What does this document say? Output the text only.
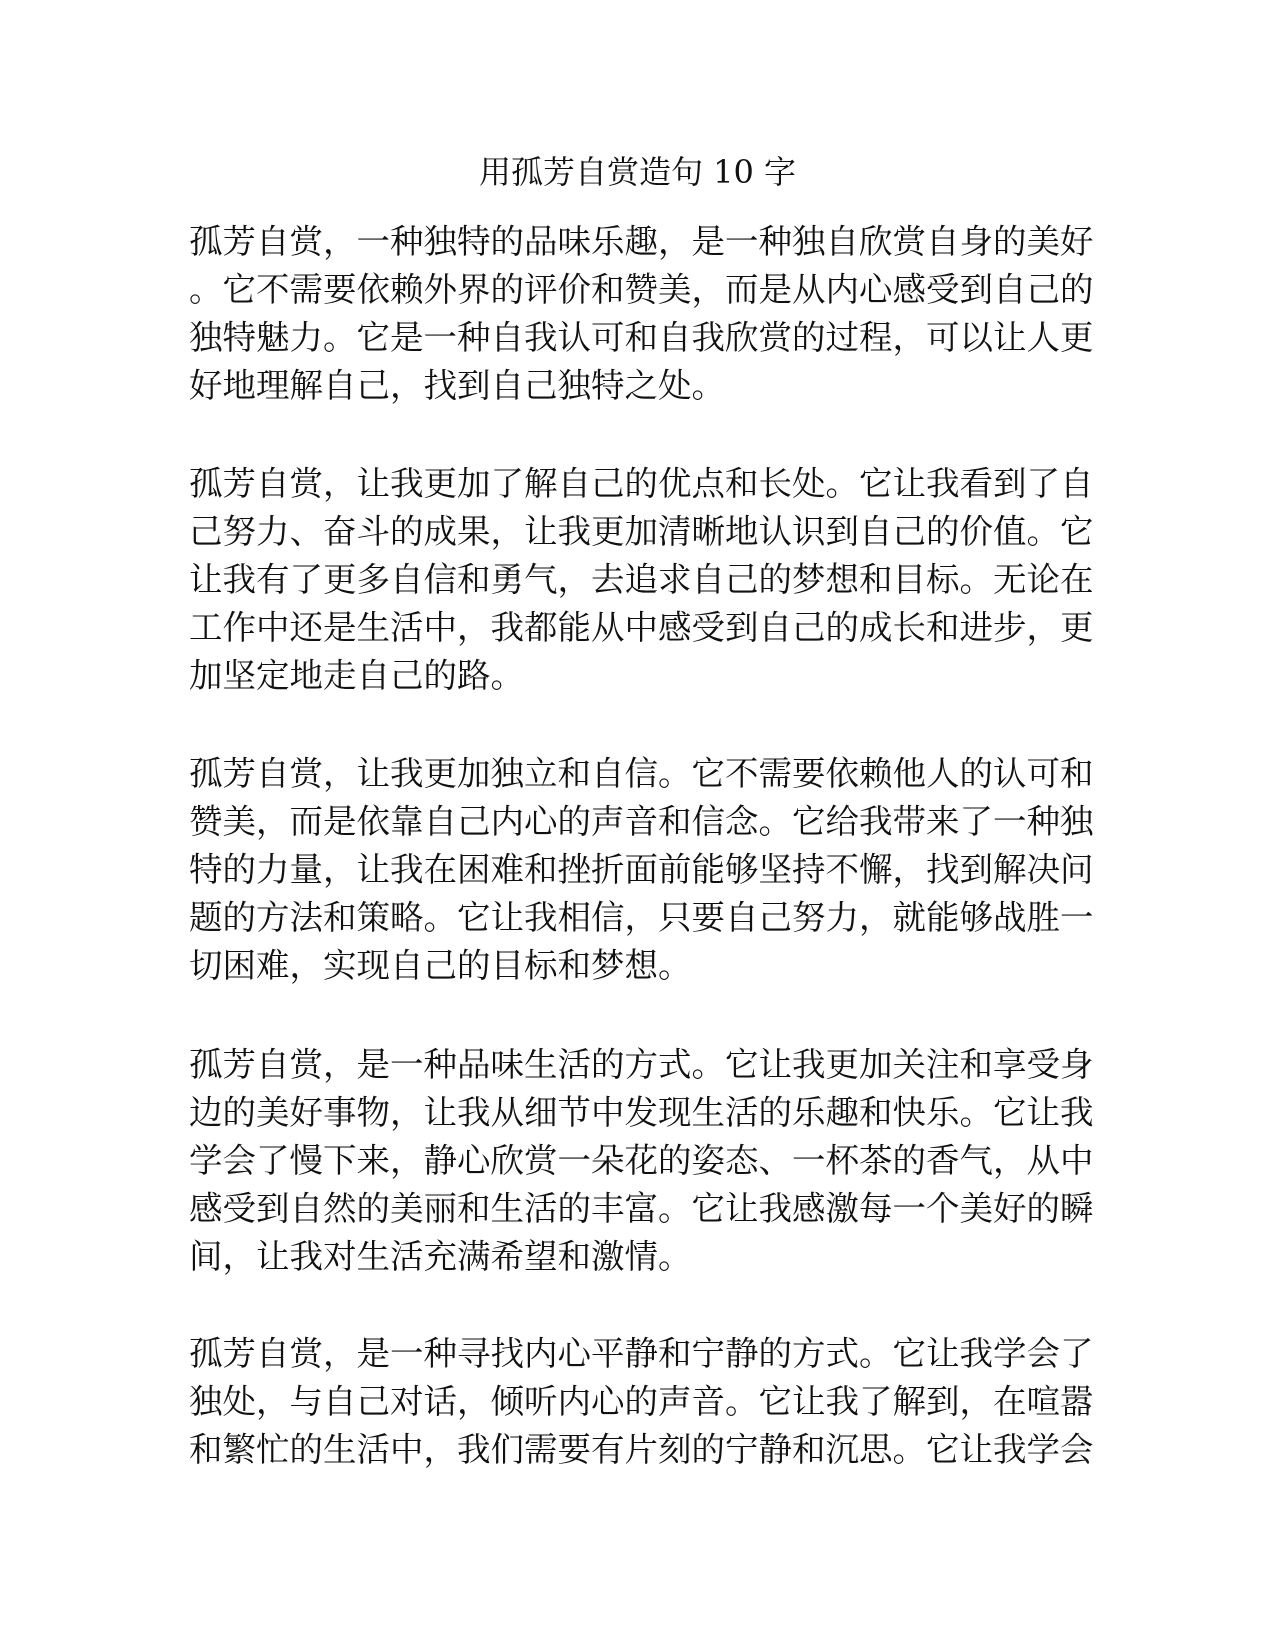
用孤芳自赏造句 10 字
孤芳自赏，一种独特的品味乐趣，是一种独自欣赏自身的美好
。它不需要依赖外界的评价和赞美，而是从内心感受到自己的
独特魅力。它是一种自我认可和自我欣赏的过程，可以让人更
好地理解自己，找到自己独特之处。
孤芳自赏，让我更加了解自己的优点和长处。它让我看到了自
己努力、奋斗的成果，让我更加清晰地认识到自己的价值。它
让我有了更多自信和勇气，去追求自己的梦想和目标。无论在
工作中还是生活中，我都能从中感受到自己的成长和进步，更
加坚定地走自己的路。
孤芳自赏，让我更加独立和自信。它不需要依赖他人的认可和
赞美，而是依靠自己内心的声音和信念。它给我带来了一种独
特的力量，让我在困难和挫折面前能够坚持不懈，找到解决问
题的方法和策略。它让我相信，只要自己努力，就能够战胜一
切困难，实现自己的目标和梦想。
孤芳自赏，是一种品味生活的方式。它让我更加关注和享受身
边的美好事物，让我从细节中发现生活的乐趣和快乐。它让我
学会了慢下来，静心欣赏一朵花的姿态、一杯茶的香气，从中
感受到自然的美丽和生活的丰富。它让我感激每一个美好的瞬
间，让我对生活充满希望和激情。
孤芳自赏，是一种寻找内心平静和宁静的方式。它让我学会了
独处，与自己对话，倾听内心的声音。它让我了解到，在喧嚣
和繁忙的生活中，我们需要有片刻的宁静和沉思。它让我学会
